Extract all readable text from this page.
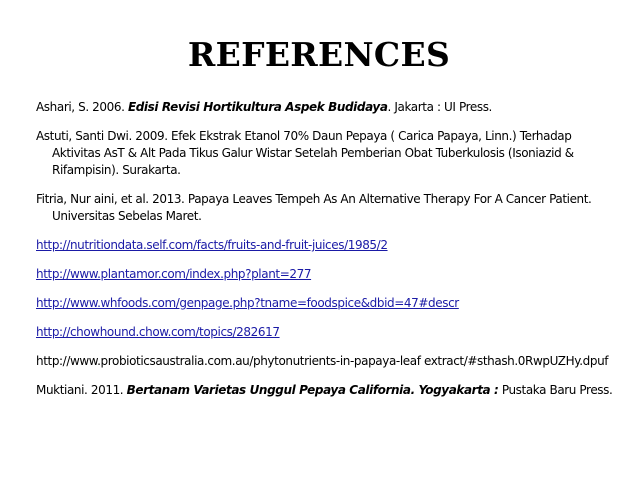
REFERENCES
Ashari, S. 2006. Edisi Revisi Hortikultura Aspek Budidaya. Jakarta : UI Press.
Astuti, Santi Dwi. 2009. Efek Ekstrak Etanol 70% Daun Pepaya ( Carica Papaya, Linn.) Terhadap Aktivitas AsT & Alt Pada Tikus Galur Wistar Setelah Pemberian Obat Tuberkulosis (Isoniazid & Rifampisin). Surakarta.
Fitria, Nur aini, et al. 2013. Papaya Leaves Tempeh As An Alternative Therapy For A Cancer Patient. Universitas Sebelas Maret.
http://nutritiondata.self.com/facts/fruits-and-fruit-juices/1985/2
http://www.plantamor.com/index.php?plant=277
http://www.whfoods.com/genpage.php?tname=foodspice&dbid=47#descr
http://chowhound.chow.com/topics/282617
http://www.probioticsaustralia.com.au/phytonutrients-in-papaya-leaf extract/#sthash.0RwpUZHy.dpuf
Muktiani. 2011. Bertanam Varietas Unggul Pepaya California. Yogyakarta : Pustaka Baru Press.
